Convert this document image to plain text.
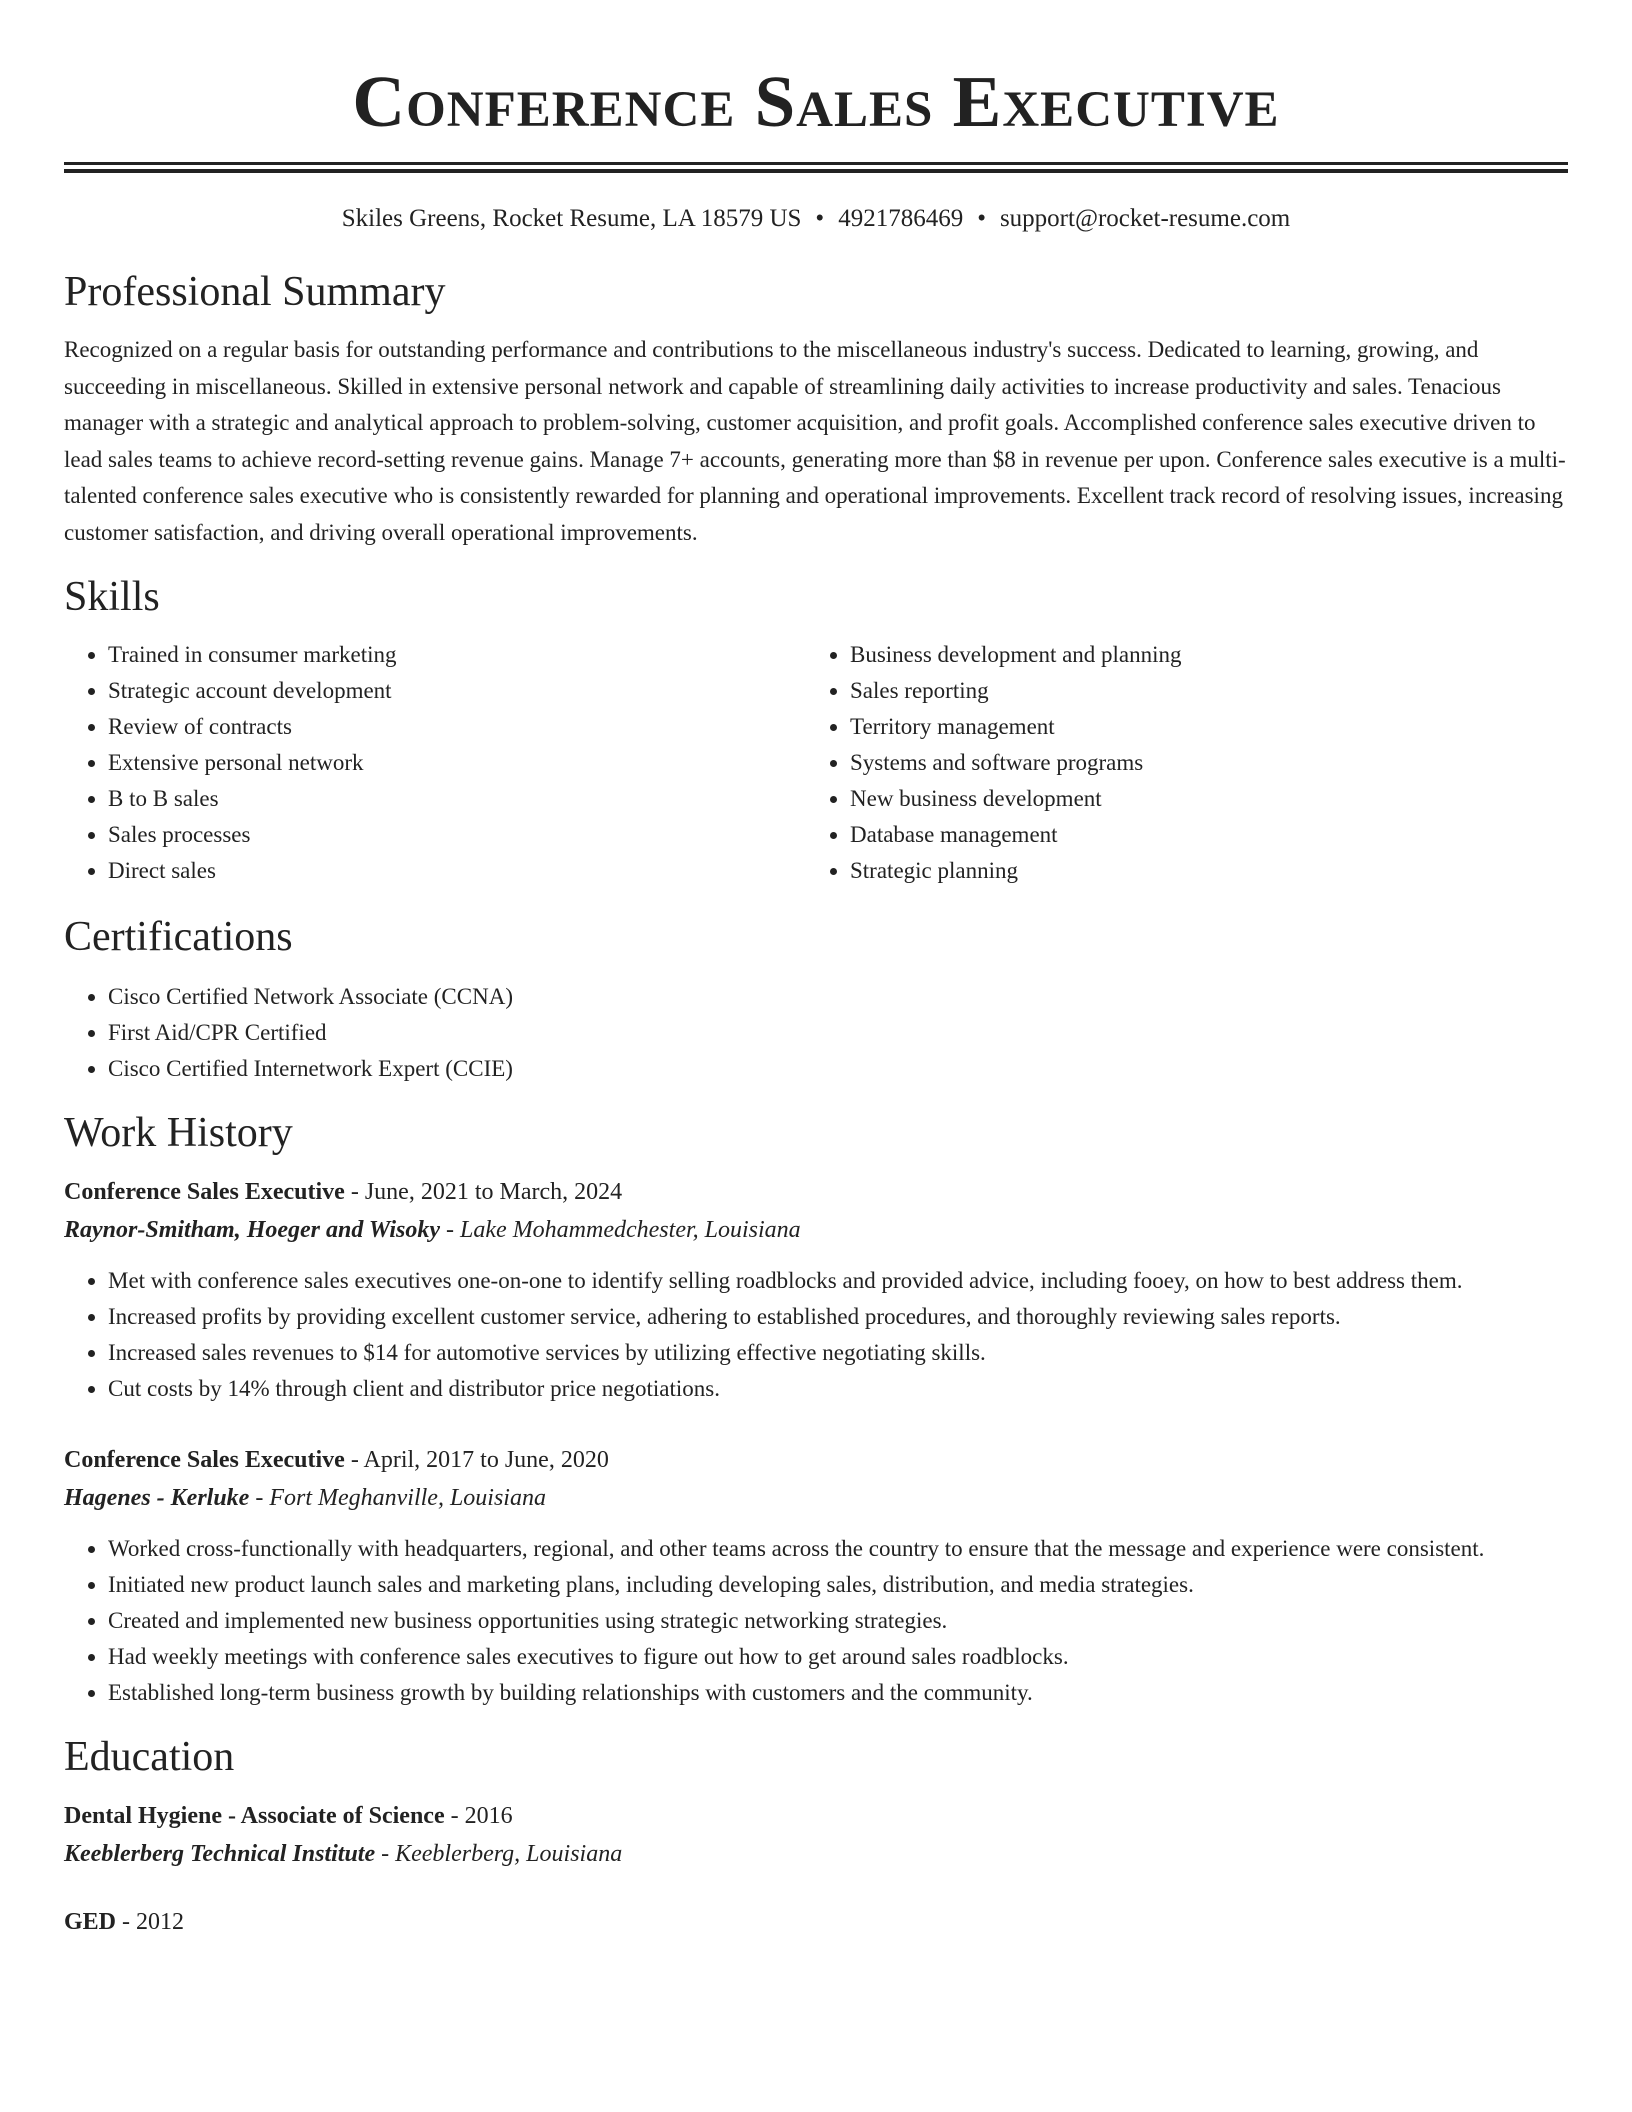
Conference Sales Executive
Skiles Greens, Rocket Resume, LA 18579 US • 4921786469 • support@rocket-resume.com
Professional Summary
Recognized on a regular basis for outstanding performance and contributions to the miscellaneous industry's success. Dedicated to learning, growing, and succeeding in miscellaneous. Skilled in extensive personal network and capable of streamlining daily activities to increase productivity and sales. Tenacious manager with a strategic and analytical approach to problem-solving, customer acquisition, and profit goals. Accomplished conference sales executive driven to lead sales teams to achieve record-setting revenue gains. Manage 7+ accounts, generating more than $8 in revenue per upon. Conference sales executive is a multi-talented conference sales executive who is consistently rewarded for planning and operational improvements. Excellent track record of resolving issues, increasing customer satisfaction, and driving overall operational improvements.
Skills
• Trained in consumer marketing
• Strategic account development
• Review of contracts
• Extensive personal network
• B to B sales
• Sales processes
• Direct sales
• Business development and planning
• Sales reporting
• Territory management
• Systems and software programs
• New business development
• Database management
• Strategic planning
Certifications
• Cisco Certified Network Associate (CCNA)
• First Aid/CPR Certified
• Cisco Certified Internetwork Expert (CCIE)
Work History
Conference Sales Executive - June, 2021 to March, 2024
Raynor-Smitham, Hoeger and Wisoky - Lake Mohammedchester, Louisiana
• Met with conference sales executives one-on-one to identify selling roadblocks and provided advice, including fooey, on how to best address them.
• Increased profits by providing excellent customer service, adhering to established procedures, and thoroughly reviewing sales reports.
• Increased sales revenues to $14 for automotive services by utilizing effective negotiating skills.
• Cut costs by 14% through client and distributor price negotiations.
Conference Sales Executive - April, 2017 to June, 2020
Hagenes - Kerluke - Fort Meghanville, Louisiana
• Worked cross-functionally with headquarters, regional, and other teams across the country to ensure that the message and experience were consistent.
• Initiated new product launch sales and marketing plans, including developing sales, distribution, and media strategies.
• Created and implemented new business opportunities using strategic networking strategies.
• Had weekly meetings with conference sales executives to figure out how to get around sales roadblocks.
• Established long-term business growth by building relationships with customers and the community.
Education
Dental Hygiene - Associate of Science - 2016
Keeblerberg Technical Institute - Keeblerberg, Louisiana
GED - 2012
